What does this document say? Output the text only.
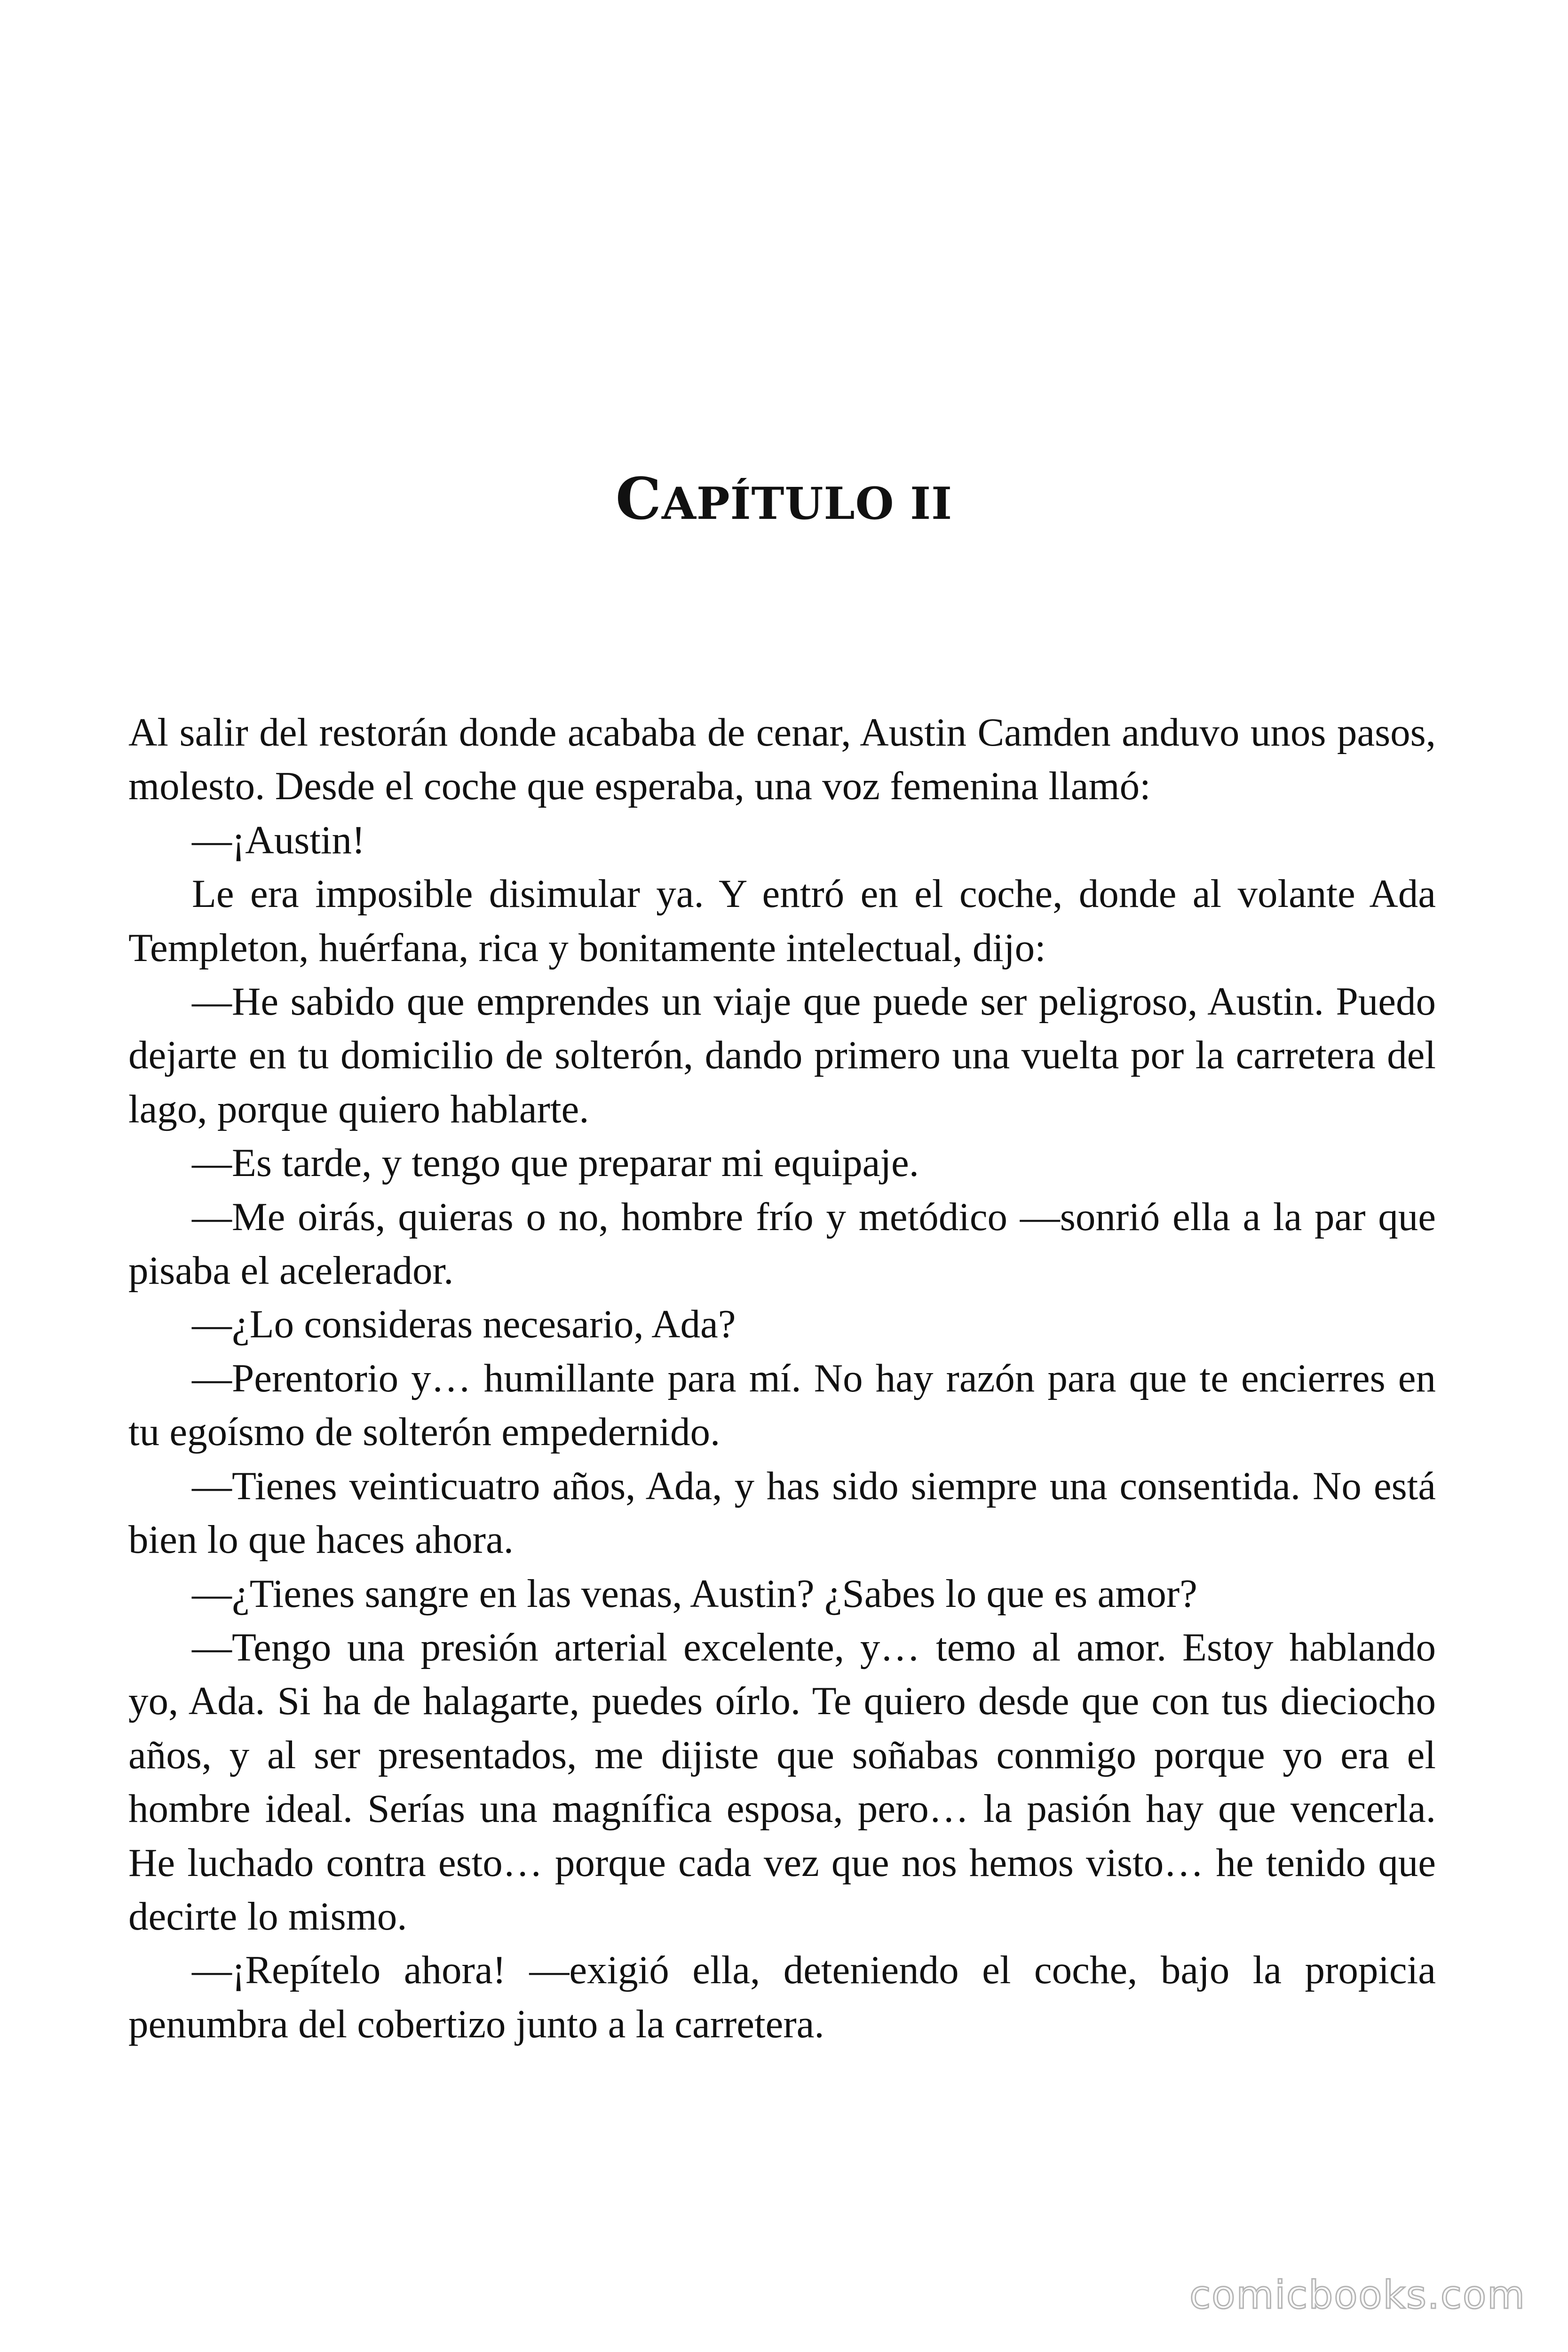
CAPÍTULO II

Al salir del restorán donde acababa de cenar, Austin Camden anduvo unos pasos, molesto. Desde el coche que esperaba, una voz femenina llamó:

—¡Austin!

Le era imposible disimular ya. Y entró en el coche, donde al volante Ada Templeton, huérfana, rica y bonitamente intelectual, dijo:

—He sabido que emprendes un viaje que puede ser peligroso, Austin. Puedo dejarte en tu domicilio de solterón, dando primero una vuelta por la carretera del lago, porque quiero hablarte.

—Es tarde, y tengo que preparar mi equipaje.

—Me oirás, quieras o no, hombre frío y metódico —sonrió ella a la par que pisaba el acelerador.

—¿Lo consideras necesario, Ada?

—Perentorio y… humillante para mí. No hay razón para que te encierres en tu egoísmo de solterón empedernido.

—Tienes veinticuatro años, Ada, y has sido siempre una consentida. No está bien lo que haces ahora.

—¿Tienes sangre en las venas, Austin? ¿Sabes lo que es amor?

—Tengo una presión arterial excelente, y… temo al amor. Estoy hablando yo, Ada. Si ha de halagarte, puedes oírlo. Te quiero desde que con tus dieciocho años, y al ser presentados, me dijiste que soñabas conmigo porque yo era el hombre ideal. Serías una magnífica esposa, pero… la pasión hay que vencerla. He luchado contra esto… porque cada vez que nos hemos visto… he tenido que decirte lo mismo.

—¡Repítelo ahora! —exigió ella, deteniendo el coche, bajo la propicia penumbra del cobertizo junto a la carretera.

comicbooks.com
